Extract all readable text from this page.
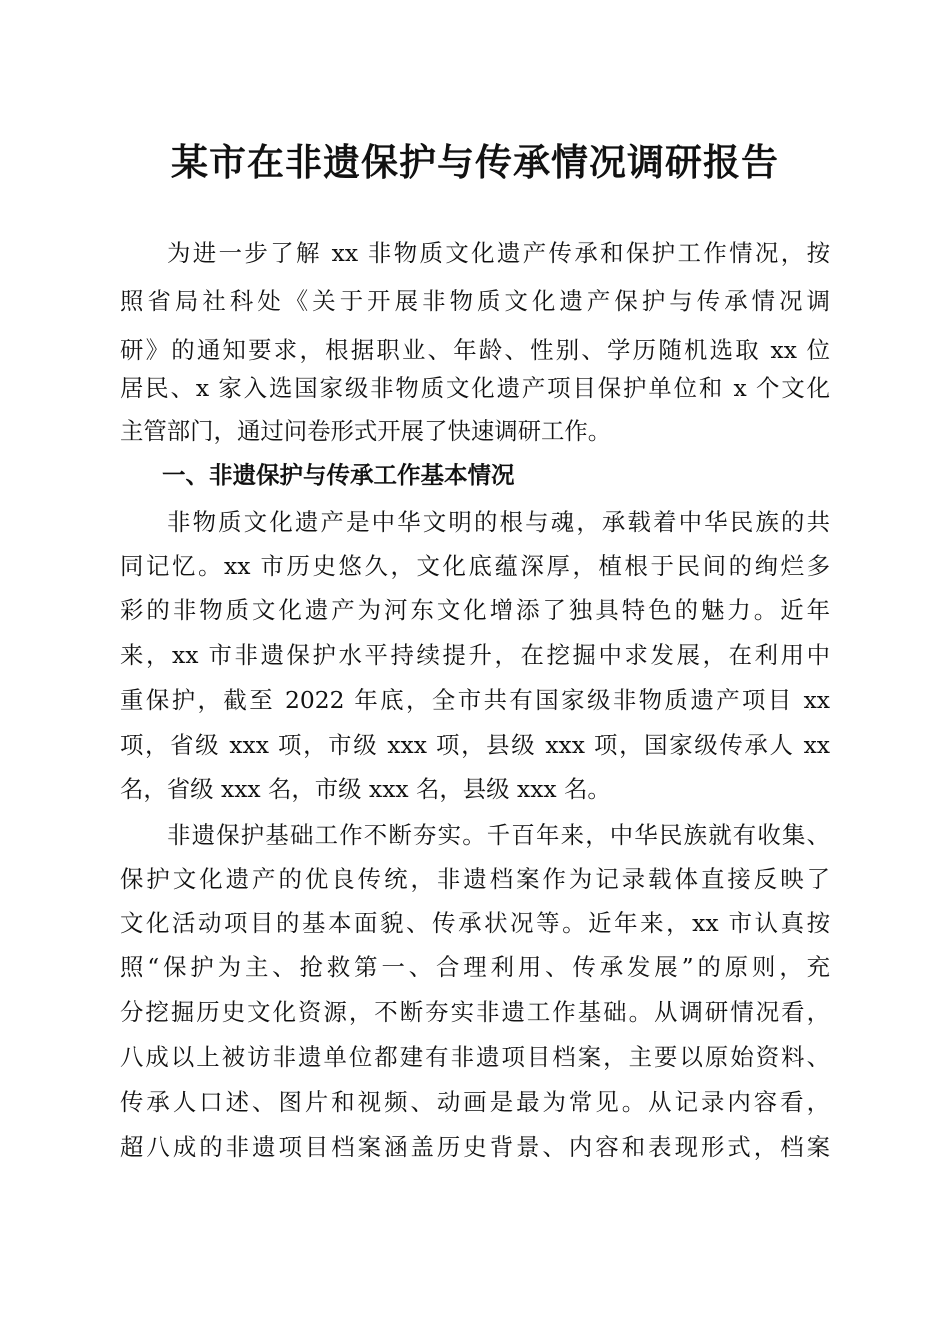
某市在非遗保护与传承情况调研报告
为进一步了解 xx 非物质文化遗产传承和保护工作情况，按
照省局社科处《关于开展非物质文化遗产保护与传承情况调
研》的通知要求，根据职业、年龄、性别、学历随机选取 xx 位
居民、x 家入选国家级非物质文化遗产项目保护单位和 x 个文化
主管部门，通过问卷形式开展了快速调研工作。
一、非遗保护与传承工作基本情况
非物质文化遗产是中华文明的根与魂，承载着中华民族的共
同记忆。xx 市历史悠久，文化底蕴深厚，植根于民间的绚烂多
彩的非物质文化遗产为河东文化增添了独具特色的魅力。近年
来，xx 市非遗保护水平持续提升，在挖掘中求发展，在利用中
重保护，截至 2022 年底，全市共有国家级非物质遗产项目 xx
项，省级 xxx 项，市级 xxx 项，县级 xxx 项，国家级传承人 xx
名，省级 xxx 名，市级 xxx 名，县级 xxx 名。
非遗保护基础工作不断夯实。千百年来，中华民族就有收集、
保护文化遗产的优良传统，非遗档案作为记录载体直接反映了
文化活动项目的基本面貌、传承状况等。近年来，xx 市认真按
照“保护为主、抢救第一、合理利用、传承发展”的原则，充
分挖掘历史文化资源，不断夯实非遗工作基础。从调研情况看，
八成以上被访非遗单位都建有非遗项目档案，主要以原始资料、
传承人口述、图片和视频、动画是最为常见。从记录内容看，
超八成的非遗项目档案涵盖历史背景、内容和表现形式，档案
